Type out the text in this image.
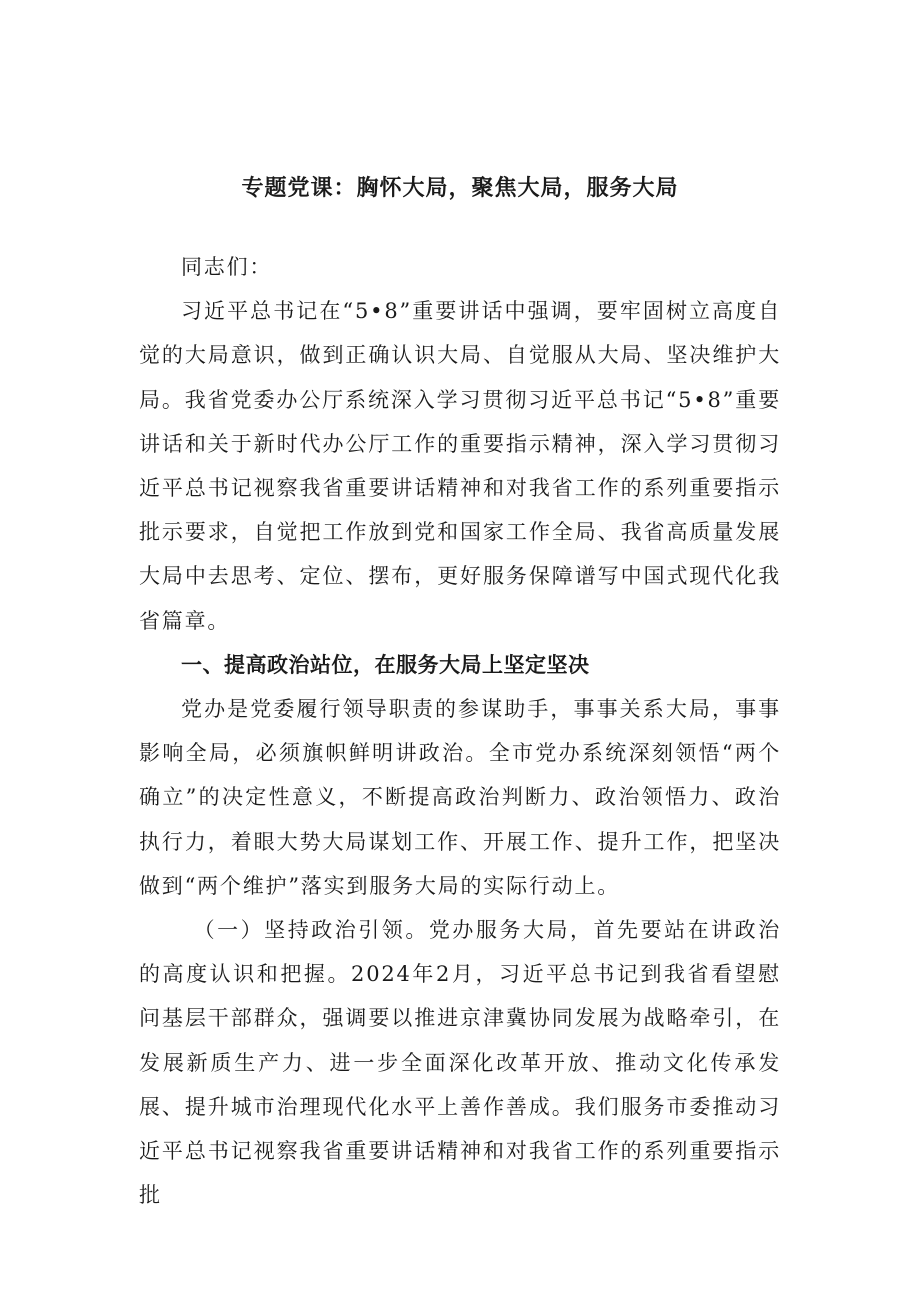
专题党课：胸怀大局，聚焦大局，服务大局

同志们：

习近平总书记在“5•8”重要讲话中强调，要牢固树立高度自觉的大局意识，做到正确认识大局、自觉服从大局、坚决维护大局。我省党委办公厅系统深入学习贯彻习近平总书记“5•8”重要讲话和关于新时代办公厅工作的重要指示精神，深入学习贯彻习近平总书记视察我省重要讲话精神和对我省工作的系列重要指示批示要求，自觉把工作放到党和国家工作全局、我省高质量发展大局中去思考、定位、摆布，更好服务保障谱写中国式现代化我省篇章。

一、提高政治站位，在服务大局上坚定坚决

党办是党委履行领导职责的参谋助手，事事关系大局，事事影响全局，必须旗帜鲜明讲政治。全市党办系统深刻领悟“两个确立”的决定性意义，不断提高政治判断力、政治领悟力、政治执行力，着眼大势大局谋划工作、开展工作、提升工作，把坚决做到“两个维护”落实到服务大局的实际行动上。

（一）坚持政治引领。党办服务大局，首先要站在讲政治的高度认识和把握。2024年2月，习近平总书记到我省看望慰问基层干部群众，强调要以推进京津冀协同发展为战略牵引，在发展新质生产力、进一步全面深化改革开放、推动文化传承发展、提升城市治理现代化水平上善作善成。我们服务市委推动习近平总书记视察我省重要讲话精神和对我省工作的系列重要指示批
